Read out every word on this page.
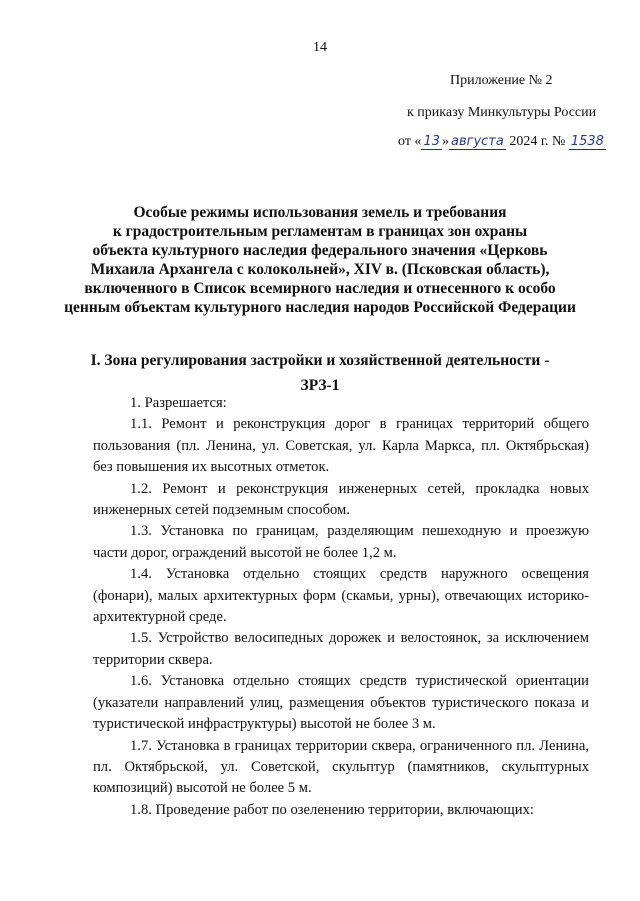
14
Приложение № 2
к приказу Минкультуры России
от « 13 » августа 2024 г. № 1538
Особые режимы использования земель и требования
к градостроительным регламентам в границах зон охраны
объекта культурного наследия федерального значения «Церковь
Михаила Архангела с колокольней», XIV в. (Псковская область),
включенного в Список всемирного наследия и отнесенного к особо
ценным объектам культурного наследия народов Российской Федерации
I. Зона регулирования застройки и хозяйственной деятельности -
ЗРЗ-1

1. Разрешается:

1.1. Ремонт и реконструкция дорог в границах территорий общего пользования (пл. Ленина, ул. Советская, ул. Карла Маркса, пл. Октябрьская) без повышения их высотных отметок.

1.2. Ремонт и реконструкция инженерных сетей, прокладка новых инженерных сетей подземным способом.

1.3. Установка по границам, разделяющим пешеходную и проезжую части дорог, ограждений высотой не более 1,2 м.

1.4. Установка отдельно стоящих средств наружного освещения (фонари), малых архитектурных форм (скамьи, урны), отвечающих историко-архитектурной среде.

1.5. Устройство велосипедных дорожек и велостоянок, за исключением территории сквера.

1.6. Установка отдельно стоящих средств туристической ориентации (указатели направлений улиц, размещения объектов туристического показа и туристической инфраструктуры) высотой не более 3 м.

1.7. Установка в границах территории сквера, ограниченного пл. Ленина, пл. Октябрьской, ул. Советской, скульптур (памятников, скульптурных композиций) высотой не более 5 м.

1.8. Проведение работ по озеленению территории, включающих:
